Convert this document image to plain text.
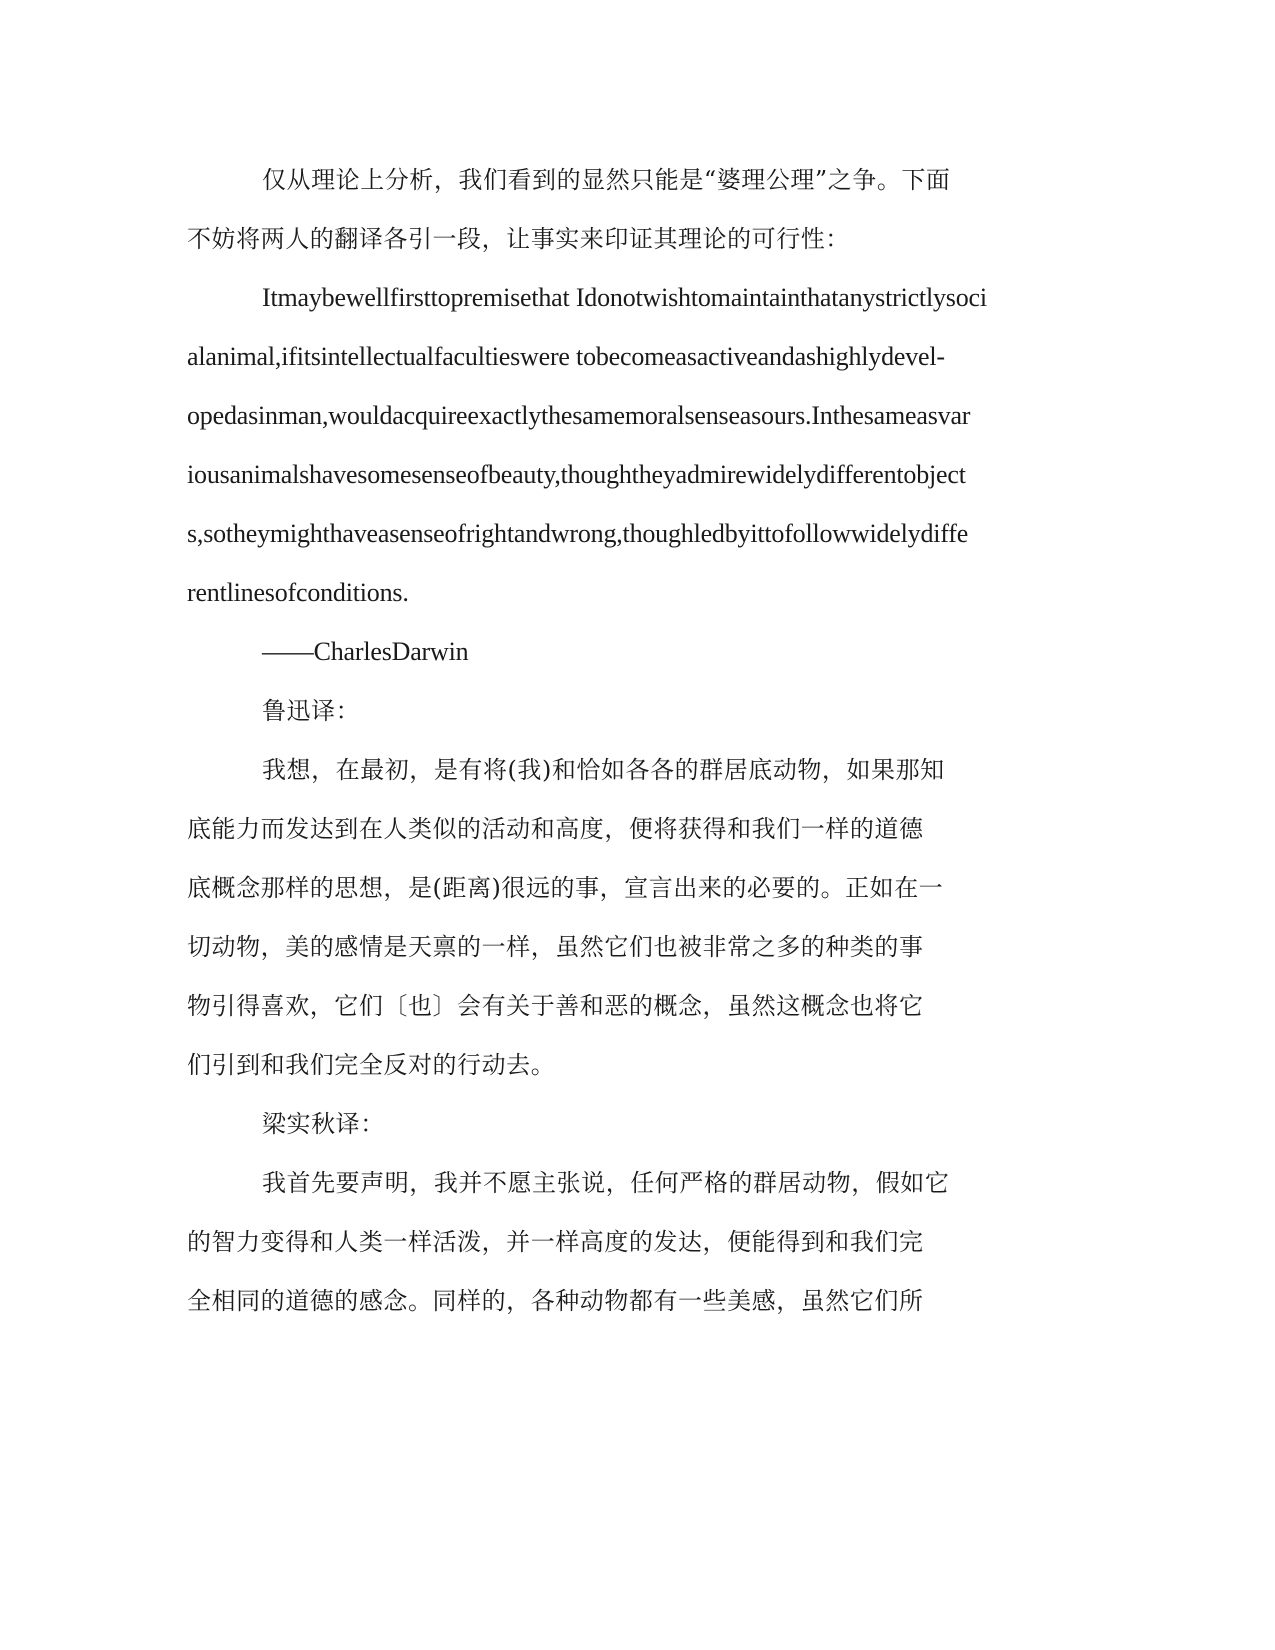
仅从理论上分析，我们看到的显然只能是“婆理公理”之争。下面
不妨将两人的翻译各引一段，让事实来印证其理论的可行性：
Itmaybewellfirsttopremisethat Idonotwishtomaintainthatanystrictlysoci
alanimal,ifitsintellectualfacultieswere tobecomeasactiveandashighlydevel-
opedasinman,wouldacquireexactlythesamemoralsenseasours.Inthesameasvar
iousanimalshavesomesenseofbeauty,thoughtheyadmirewidelydifferentobject
s,sotheymighthaveasenseofrightandwrong,thoughledbyittofollowwidelydiffe
rentlinesofconditions.
——CharlesDarwin
鲁迅译：
我想，在最初，是有将(我)和恰如各各的群居底动物，如果那知
底能力而发达到在人类似的活动和高度，便将获得和我们一样的道德
底概念那样的思想，是(距离)很远的事，宣言出来的必要的。正如在一
切动物，美的感情是天禀的一样，虽然它们也被非常之多的种类的事
物引得喜欢，它们〔也〕会有关于善和恶的概念，虽然这概念也将它
们引到和我们完全反对的行动去。
梁实秋译：
我首先要声明，我并不愿主张说，任何严格的群居动物，假如它
的智力变得和人类一样活泼，并一样高度的发达，便能得到和我们完
全相同的道德的感念。同样的，各种动物都有一些美感，虽然它们所
